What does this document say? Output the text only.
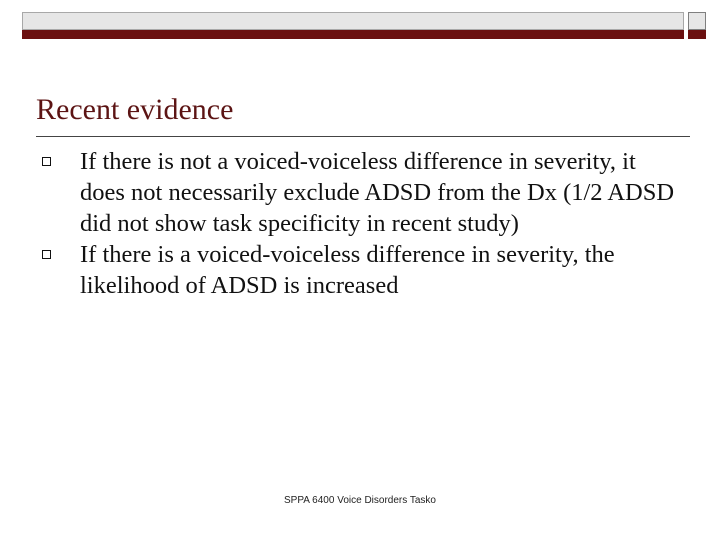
Recent evidence
If there is not a voiced-voiceless difference in severity, it does not necessarily exclude ADSD from the Dx (1/2 ADSD did not show task specificity in recent study)
If there is a voiced-voiceless difference in severity, the likelihood of ADSD is increased
SPPA 6400 Voice Disorders Tasko
